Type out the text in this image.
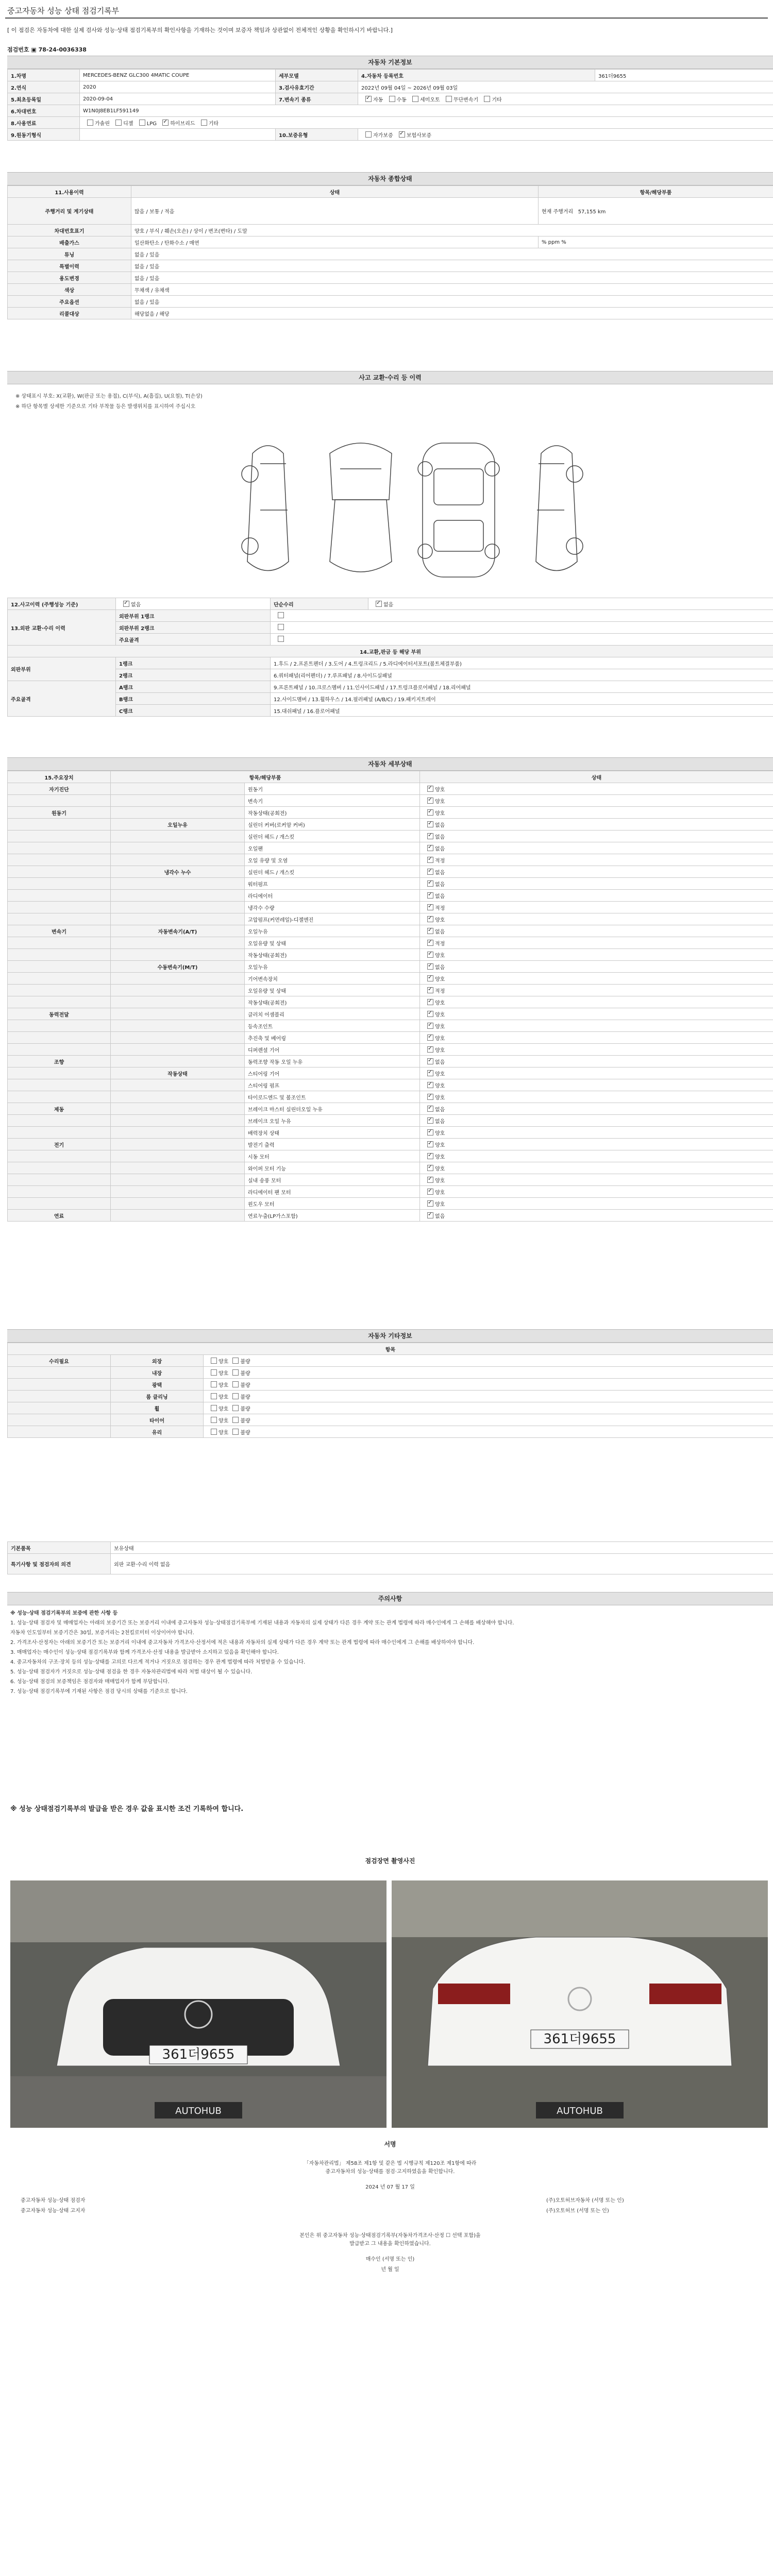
중고자동차 성능 상태 점검기록부
[ 이 점검은 자동차에 대한 실제 검사와 성능·상태 점검기록부의 확인사항을 기재하는 것이며 보증자 책임과 상관없이 전체적인 상황을 확인하시기 바랍니다.]
점검번호 ▣ 78-24-0036338
자동차 기본정보
1.차명	MERCEDES-BENZ GLC300 4MATIC COUPE	세부모델	4.자동차 등록번호	361더9655
2.연식	2020	3.검사유효기간	2022년 09월 04일 ~ 2026년 09월 03일	
5.최초등록일	2020-09-04	7.변속기 종류	✓자동 수동 세미오토 무단변속기 기타
6.차대번호	W1N0J8EB1LF591149			
8.사용연료	가솔린 디젤 LPG ✓ 하이브리드 기타
9.원동기형식		10.보증유형	자가보증 ✓ 보험사보증
자동차 종합상태
11.사용이력	상태	항목/해당부품
주행거리 및 계기상태	많음 / 보통 / 적음	현재 주행거리 57,155 km
차대번호표기	양호 / 부식 / 훼손(오손) / 상이 / 변조(변타) / 도말	
배출가스	일산화탄소 / 탄화수소 / 매연	% ppm %
튜닝	없음 / 있음	
특별이력	없음 / 있음	
용도변경	없음 / 있음	
색상	무채색 / 유채색	
주요옵션	없음 / 있음	
리콜대상	해당없음 / 해당	
사고 교환·수리 등 이력
※ 상태표시 부호: X(교환), W(판금 또는 용접), C(부식), A(흠집), U(요철), T(손상)
※ 하단 항목별 상세한 기준으로 기타 부착물 등은 발생위치를 표시하여 주십시오
12.사고이력 (주행성능 기준)	✓없음	단순수리	✓없음
13.외판 교환·수리 이력	외판부위 1랭크		
	외판부위 2랭크		
	주요골격		
14.교환,판금 등 해당 부위			
외판부위	1랭크	1.후드 / 2.프론트펜더 / 3.도어 / 4.트렁크리드 / 5.라디에이터서포트(볼트체결부품)	
	2랭크	6.쿼터패널(리어펜더) / 7.루프패널 / 8.사이드실패널	
주요골격	A랭크	9.프론트패널 / 10.크로스멤버 / 11.인사이드패널 / 17.트렁크플로어패널 / 18.리어패널	
	B랭크	12.사이드멤버 / 13.휠하우스 / 14.필러패널 (A/B/C) / 19.패키지트레이	
	C랭크	15.대쉬패널 / 16.플로어패널	
자동차 세부상태
15.주요장치	항목/해당부품		상태
자기진단		원동기	✓양호
		변속기	✓양호
원동기		작동상태(공회전)	✓양호
	오일누유	실린더 커버(로커암 커버)	✓없음
		실린더 헤드 / 개스킷	✓없음
		오일팬	✓없음
		오일 유량 및 오염	✓적정
	냉각수 누수	실린더 헤드 / 개스킷	✓없음
		워터펌프	✓없음
		라디에이터	✓없음
		냉각수 수량	✓적정
		고압펌프(커먼레일)-디젤엔진	✓양호
변속기	자동변속기(A/T)	오일누유	✓없음
		오일유량 및 상태	✓적정
		작동상태(공회전)	✓양호
	수동변속기(M/T)	오일누유	✓없음
		기어변속장치	✓양호
		오일유량 및 상태	✓적정
		작동상태(공회전)	✓양호
동력전달		클러치 어셈블리	✓양호
		등속조인트	✓양호
		추진축 및 베어링	✓양호
		디퍼렌셜 기어	✓양호
조향		동력조향 작동 오일 누유	✓없음
	작동상태	스티어링 기어	✓양호
		스티어링 펌프	✓양호
		타이로드엔드 및 볼조인트	✓양호
제동		브레이크 마스터 실린더오일 누유	✓없음
		브레이크 오일 누유	✓없음
		배력장치 상태	✓양호
전기		발전기 출력	✓양호
		시동 모터	✓양호
		와이퍼 모터 기능	✓양호
		실내 송풍 모터	✓양호
		라디에이터 팬 모터	✓양호
		윈도우 모터	✓양호
연료		연료누출(LP가스포함)	✓없음
자동차 기타정보
항목		
수리필요	외장	양호 불량
	내장	양호 불량
	광택	양호 불량
	룸 클리닝	양호 불량
	휠	양호 불량
	타이어	양호 불량
	유리	양호 불량
기본품목	보유상태
특기사항 및 점검자의 의견	외판 교환·수리 이력 없음
주의사항

※ 성능·상태 점검기록부의 보증에 관한 사항 등

1. 성능·상태 점검자 및 매매업자는 아래의 보증기간 또는 보증거리 이내에 중고자동차 성능·상태점검기록부에 기재된 내용과 자동차의 실제 상태가 다른 경우 계약 또는 관계 법령에 따라 매수인에게 그 손해를 배상해야 합니다.

자동차 인도일부터 보증기간은 30일, 보증거리는 2천킬로미터 이상이어야 합니다.

2. 가격조사·산정자는 아래의 보증기간 또는 보증거리 이내에 중고자동차 가격조사·산정서에 적은 내용과 자동차의 실제 상태가 다른 경우 계약 또는 관계 법령에 따라 매수인에게 그 손해를 배상하여야 합니다.

3. 매매업자는 매수인이 성능·상태 점검기록부와 함께 가격조사·산정 내용을 발급받아 소지하고 있음을 확인해야 합니다.

4. 중고자동차의 구조·장치 등의 성능·상태를 고의로 다르게 적거나 거짓으로 점검하는 경우 관계 법령에 따라 처벌받을 수 있습니다.

5. 성능·상태 점검자가 거짓으로 성능·상태 점검을 한 경우 자동차관리법에 따라 처벌 대상이 될 수 있습니다.

6. 성능·상태 점검의 보증책임은 점검자와 매매업자가 함께 부담합니다.

7. 성능·상태 점검기록부에 기재된 사항은 점검 당시의 상태를 기준으로 합니다.

※ 성능 상태점검기록부의 발급을 받은 경우 값을 표시한 조건 기록하여 합니다.
점검장면 촬영사진
361더9655
AUTOHUB
361더9655
AUTOHUB
서명
「자동차관리법」 제58조 제1항 및 같은 법 시행규칙 제120조 제1항에 따라
중고자동차의 성능·상태를 점검·고지하였음을 확인합니다.
2024 년 07 월 17 일
중고자동차 성능·상태 점검자	(주)오토허브자동차 (서명 또는 인)
중고자동차 성능·상태 고지자	(주)오토허브 (서명 또는 인)
본인은 위 중고자동차 성능·상태점검기록부(자동차가격조사·산정 ☐ 선택 포함)을
발급받고 그 내용을 확인하였습니다.
매수인 (서명 또는 인)
년 월 일
